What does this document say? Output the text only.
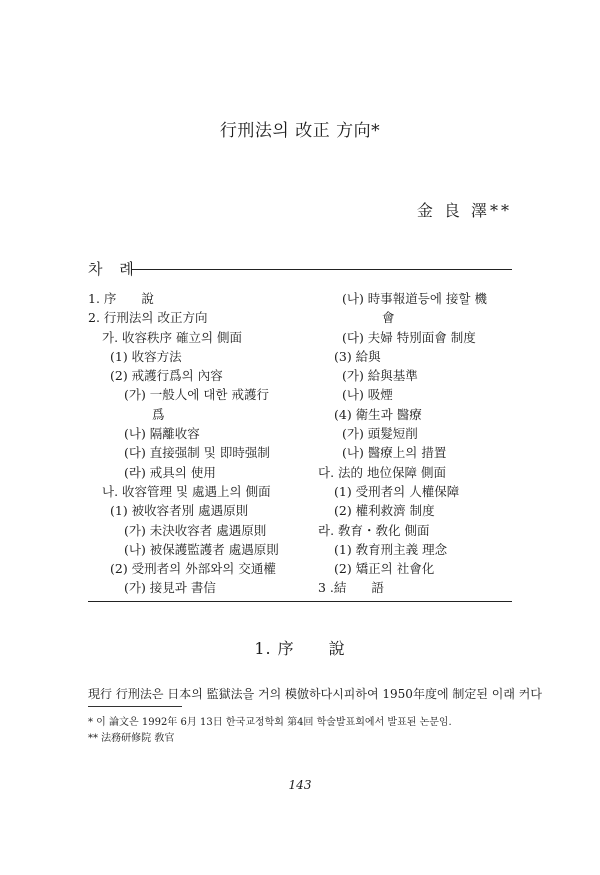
行刑法의 改正 方向*
金 良 澤**
차 례
1. 序　　說
2. 行刑法의 改正方向
가. 收容秩序 確立의 側面
(1) 收容方法
(2) 戒護行爲의 內容
(가) 一般人에 대한 戒護行
爲
(나) 隔離收容
(다) 直接强制 및 即時强制
(라) 戒具의 使用
나. 收容管理 및 處遇上의 側面
(1) 被收容者別 處遇原則
(가) 未決收容者 處遇原則
(나) 被保護監護者 處遇原則
(2) 受刑者의 外部와의 交通權
(가) 接見과 書信
(나) 時事報道등에 接할 機
會
(다) 夫婦 特別面會 制度
(3) 給與
(가) 給與基準
(나) 吸煙
(4) 衛生과 醫療
(가) 頭髮短削
(나) 醫療上의 措置
다. 法的 地位保障 側面
(1) 受刑者의 人權保障
(2) 權利救濟 制度
라. 敎育・敎化 側面
(1) 敎育刑主義 理念
(2) 矯正의 社會化
3 .結　　語
1. 序　　說
現行 行刑法은 日本의 監獄法을 거의 模倣하다시피하여 1950年度에 制定된 이래 커다
* 이 論文은 1992年 6月 13日 한국교정학회 第4回 학술발표회에서 발표된 논문임.
** 法務研修院 敎官
143
